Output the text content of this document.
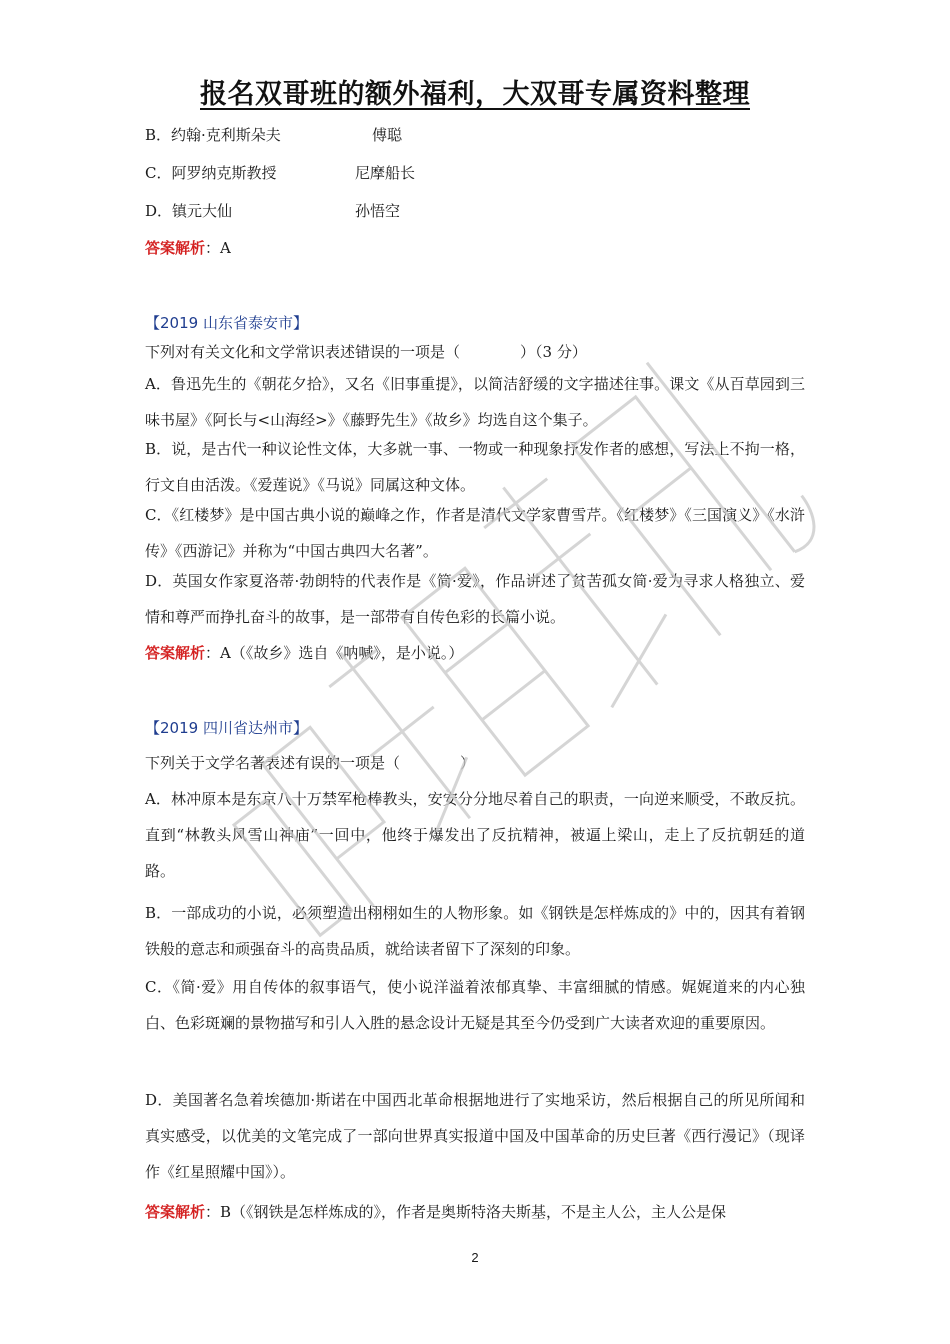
报名双哥班的额外福利，大双哥专属资料整理
B．约翰·克利斯朵夫	傅聪
C．阿罗纳克斯教授	尼摩船长
D．镇元大仙	孙悟空
答案解析：A
【2019 山东省泰安市】
下列对有关文化和文学常识表述错误的一项是（　　　　）（3 分）
A．鲁迅先生的《朝花夕拾》，又名《旧事重提》，以简洁舒缓的文字描述往事。课文《从百草园到三味书屋》《阿长与<山海经>》《藤野先生》《故乡》均选自这个集子。
B．说，是古代一种议论性文体，大多就一事、一物或一种现象抒发作者的感想，写法上不拘一格，行文自由活泼。《爱莲说》《马说》同属这种文体。
C．《红楼梦》是中国古典小说的巅峰之作，作者是清代文学家曹雪芹。《红楼梦》《三国演义》《水浒传》《西游记》并称为“中国古典四大名著”。
D．英国女作家夏洛蒂·勃朗特的代表作是《简·爱》，作品讲述了贫苦孤女简·爱为寻求人格独立、爱情和尊严而挣扎奋斗的故事，是一部带有自传色彩的长篇小说。
答案解析：A（《故乡》选自《呐喊》，是小说。）
【2019 四川省达州市】
下列关于文学名著表述有误的一项是（　　　　）
A．林冲原本是东京八十万禁军枪棒教头，安安分分地尽着自己的职责，一向逆来顺受，不敢反抗。直到“林教头风雪山神庙”一回中，他终于爆发出了反抗精神，被逼上梁山，走上了反抗朝廷的道路。
B．一部成功的小说，必须塑造出栩栩如生的人物形象。如《钢铁是怎样炼成的》中的，因其有着钢铁般的意志和顽强奋斗的高贵品质，就给读者留下了深刻的印象。
C．《简·爱》用自传体的叙事语气，使小说洋溢着浓郁真挚、丰富细腻的情感。娓娓道来的内心独白、色彩斑斓的景物描写和引人入胜的悬念设计无疑是其至今仍受到广大读者欢迎的重要原因。
D．美国著名急着埃德加·斯诺在中国西北革命根据地进行了实地采访，然后根据自己的所见所闻和真实感受，以优美的文笔完成了一部向世界真实报道中国及中国革命的历史巨著《西行漫记》（现译作《红星照耀中国》）。
答案解析：B（《钢铁是怎样炼成的》，作者是奥斯特洛夫斯基，不是主人公，主人公是保
2
